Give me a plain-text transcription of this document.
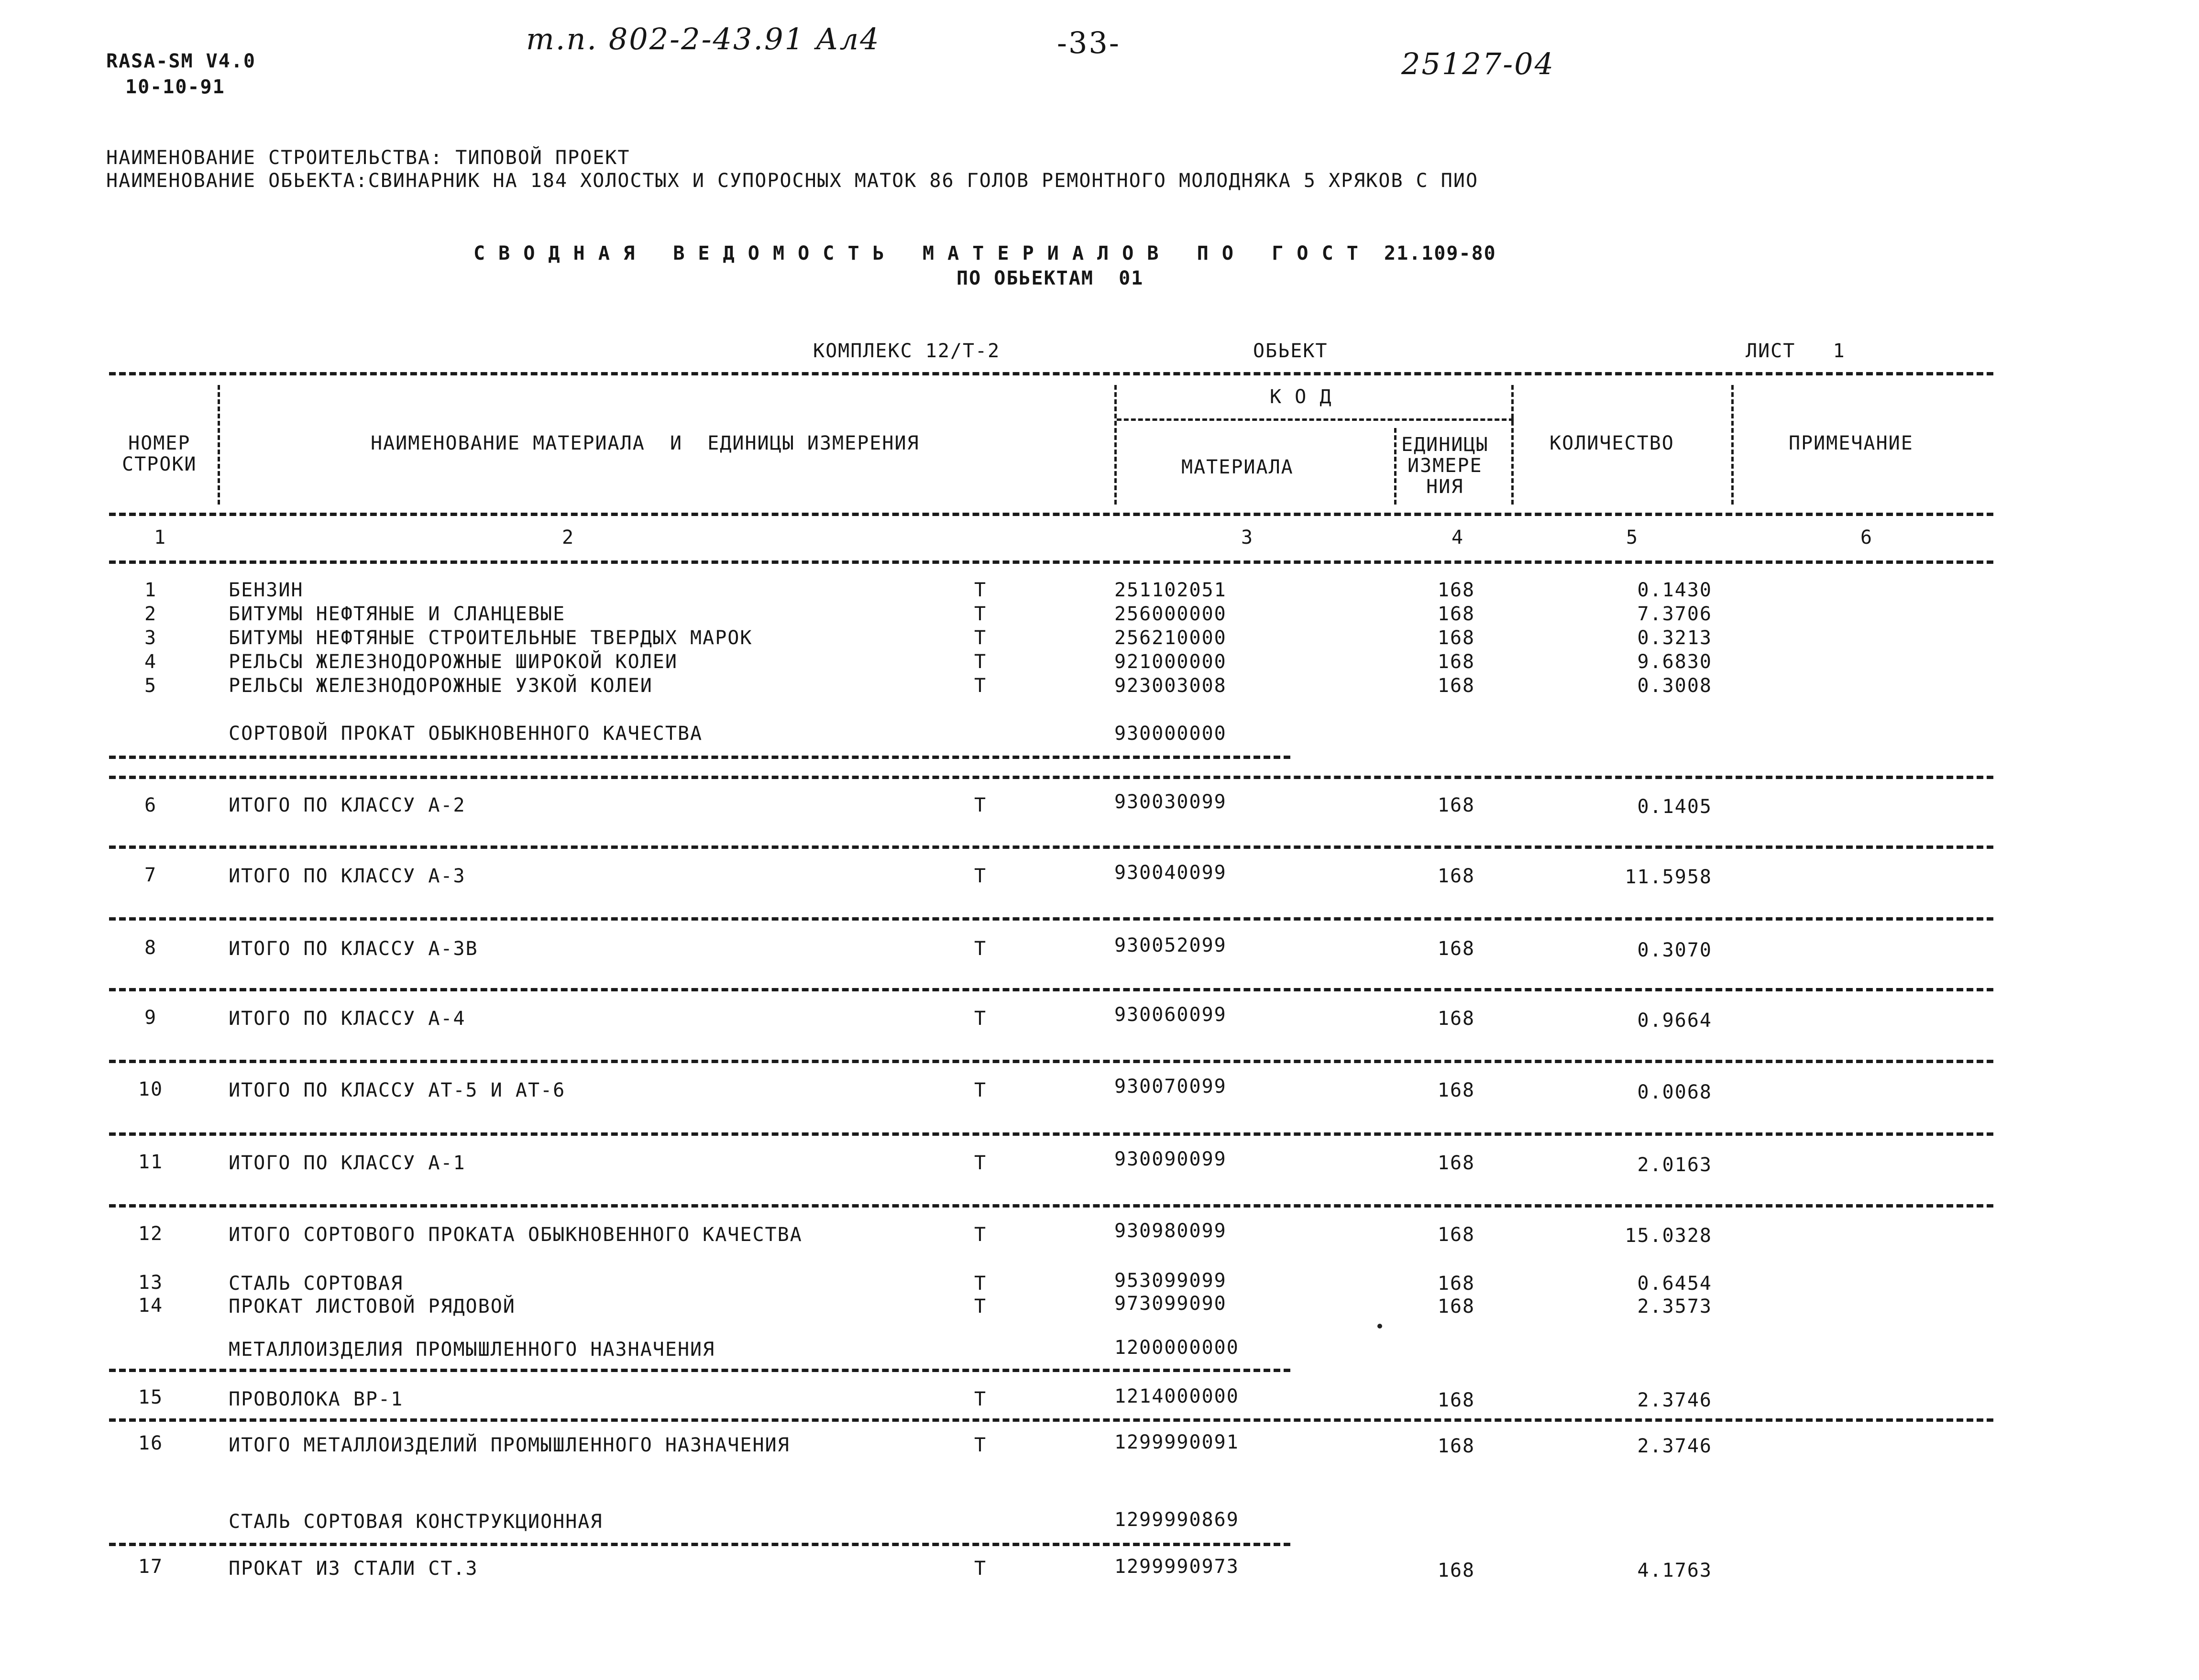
RASA-SM V4.0
10-10-91
т.п. 802-2-43.91 Ал4	-33-
25127-04
НАИМЕНОВАНИЕ СТРОИТЕЛЬСТВА: ТИПОВОЙ ПРОЕКТ
НАИМЕНОВАНИЕ ОБЬЕКТА:СВИНАРНИК НА 184 ХОЛОСТЫХ И СУПОРОСНЫХ МАТОК 86 ГОЛОВ РЕМОНТНОГО МОЛОДНЯКА 5 ХРЯКОВ С ПИО
С В О Д Н А Я   В Е Д О М О С Т Ь   М А Т Е Р И А Л О В   П О   Г О С Т  21.109-80
ПО ОБЬЕКТАМ  01
КОМПЛЕКС 12/Т-2	ОБЬЕКТ	ЛИСТ   1
НОМЕР
СТРОКИ
НАИМЕНОВАНИЕ МАТЕРИАЛА  И  ЕДИНИЦЫ ИЗМЕРЕНИЯ
К О Д
МАТЕРИАЛА
ЕДИНИЦЫ
ИЗМЕРЕ
НИЯ
КОЛИЧЕСТВО	ПРИМЕЧАНИЕ
1	2	3	4	5	6
1	БЕНЗИН	Т	251102051	168	0.1430
2	БИТУМЫ НЕФТЯНЫЕ И СЛАНЦЕВЫЕ	Т	256000000	168	7.3706
3	БИТУМЫ НЕФТЯНЫЕ СТРОИТЕЛЬНЫЕ ТВЕРДЫХ МАРОК	Т	256210000	168	0.3213
4	РЕЛЬСЫ ЖЕЛЕЗНОДОРОЖНЫЕ ШИРОКОЙ КОЛЕИ	Т	921000000	168	9.6830
5	РЕЛЬСЫ ЖЕЛЕЗНОДОРОЖНЫЕ УЗКОЙ КОЛЕИ	Т	923003008	168	0.3008
СОРТОВОЙ ПРОКАТ ОБЫКНОВЕННОГО КАЧЕСТВА	930000000
6	ИТОГО ПО КЛАССУ А-2	Т	930030099	168	0.1405
7	ИТОГО ПО КЛАССУ А-3	Т	930040099	168	11.5958
8	ИТОГО ПО КЛАССУ А-3В	Т	930052099	168	0.3070
9	ИТОГО ПО КЛАССУ А-4	Т	930060099	168	0.9664
10	ИТОГО ПО КЛАССУ АТ-5 И АТ-6	Т	930070099	168	0.0068
11	ИТОГО ПО КЛАССУ А-1	Т	930090099	168	2.0163
12	ИТОГО СОРТОВОГО ПРОКАТА ОБЫКНОВЕННОГО КАЧЕСТВА	Т	930980099	168	15.0328
13	СТАЛЬ СОРТОВАЯ	Т	953099099	168	0.6454
14	ПРОКАТ ЛИСТОВОЙ РЯДОВОЙ	Т	973099090	168	2.3573
МЕТАЛЛОИЗДЕЛИЯ ПРОМЫШЛЕННОГО НАЗНАЧЕНИЯ	1200000000
15	ПРОВОЛОКА ВР-1	Т	1214000000	168	2.3746
16	ИТОГО МЕТАЛЛОИЗДЕЛИЙ ПРОМЫШЛЕННОГО НАЗНАЧЕНИЯ	Т	1299990091	168	2.3746
СТАЛЬ СОРТОВАЯ КОНСТРУКЦИОННАЯ	1299990869
17	ПРОКАТ ИЗ СТАЛИ СТ.3	Т	1299990973	168	4.1763
